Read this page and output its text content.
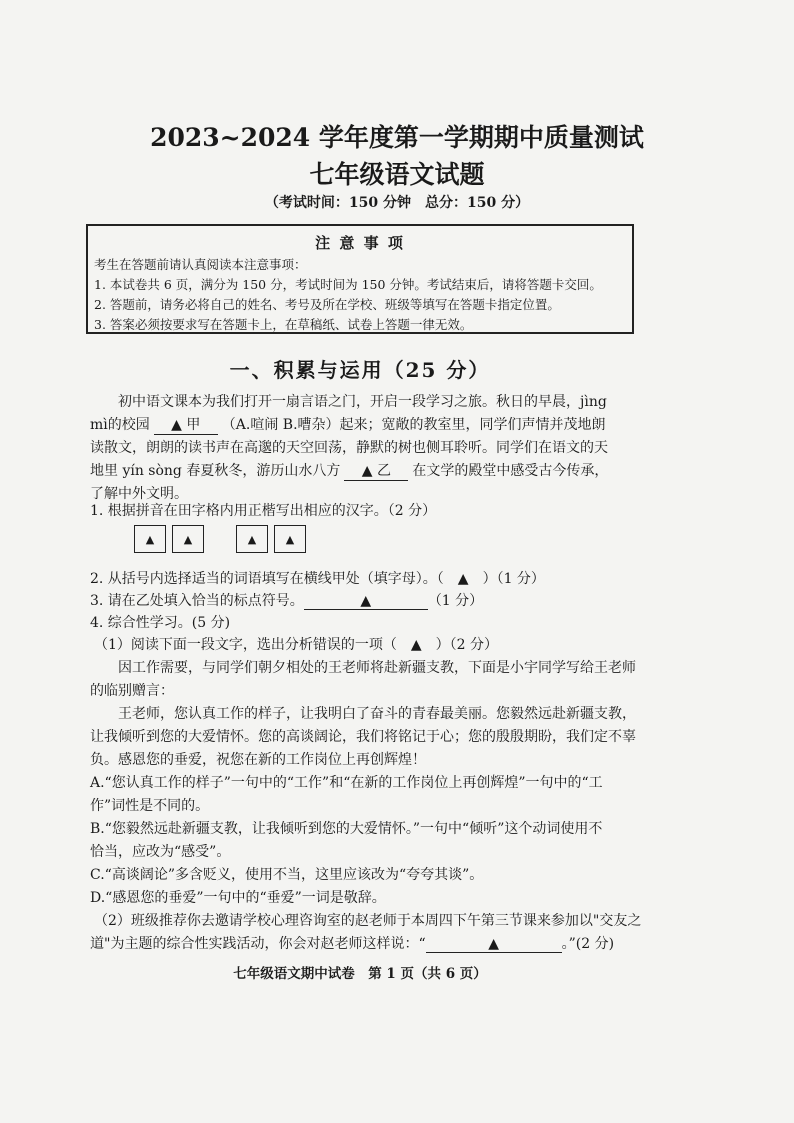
2023~2024 学年度第一学期期中质量测试
七年级语文试题
（考试时间：150 分钟　总分：150 分）
注 意 事 项
考生在答题前请认真阅读本注意事项：
1. 本试卷共 6 页，满分为 150 分，考试时间为 150 分钟。考试结束后，请将答题卡交回。
2. 答题前，请务必将自己的姓名、考号及所在学校、班级等填写在答题卡指定位置。
3. 答案必须按要求写在答题卡上，在草稿纸、试卷上答题一律无效。
一、积累与运用（25 分）
初中语文课本为我们打开一扇言语之门，开启一段学习之旅。秋日的早晨，jìng
mì的校园 ▲ 甲 （A.喧闹 B.嘈杂）起来；宽敞的教室里，同学们声情并茂地朗
读散文，朗朗的读书声在高邈的天空回荡，静默的树也侧耳聆听。同学们在语文的天
地里 yín sòng 春夏秋冬，游历山水八方 ▲ 乙 在文学的殿堂中感受古今传承，
了解中外文明。
1. 根据拼音在田字格内用正楷写出相应的汉字。（2 分）
▲	▲	▲	▲
2. 从括号内选择适当的词语填写在横线甲处（填字母）。（　▲　）（1 分）
3. 请在乙处填入恰当的标点符号。	▲	（1 分）
4. 综合性学习。(5 分)
（1）阅读下面一段文字，选出分析错误的一项（　▲　）（2 分）
因工作需要，与同学们朝夕相处的王老师将赴新疆支教，下面是小宇同学写给王老师
的临别赠言：
王老师，您认真工作的样子，让我明白了奋斗的青春最美丽。您毅然远赴新疆支教，
让我倾听到您的大爱情怀。您的高谈阔论，我们将铭记于心；您的殷殷期盼，我们定不辜
负。感恩您的垂爱，祝您在新的工作岗位上再创辉煌！
A.“您认真工作的样子”一句中的“工作”和“在新的工作岗位上再创辉煌”一句中的“工
作”词性是不同的。
B.“您毅然远赴新疆支教，让我倾听到您的大爱情怀。”一句中“倾听”这个动词使用不
恰当，应改为“感受”。
C.“高谈阔论”多含贬义，使用不当，这里应该改为“夸夸其谈”。
D.“感恩您的垂爱”一句中的“垂爱”一词是敬辞。
（2）班级推荐你去邀请学校心理咨询室的赵老师于本周四下午第三节课来参加以"交友之
道"为主题的综合性实践活动，你会对赵老师这样说：“	▲	。”(2 分)
七年级语文期中试卷　第 1 页（共 6 页）
